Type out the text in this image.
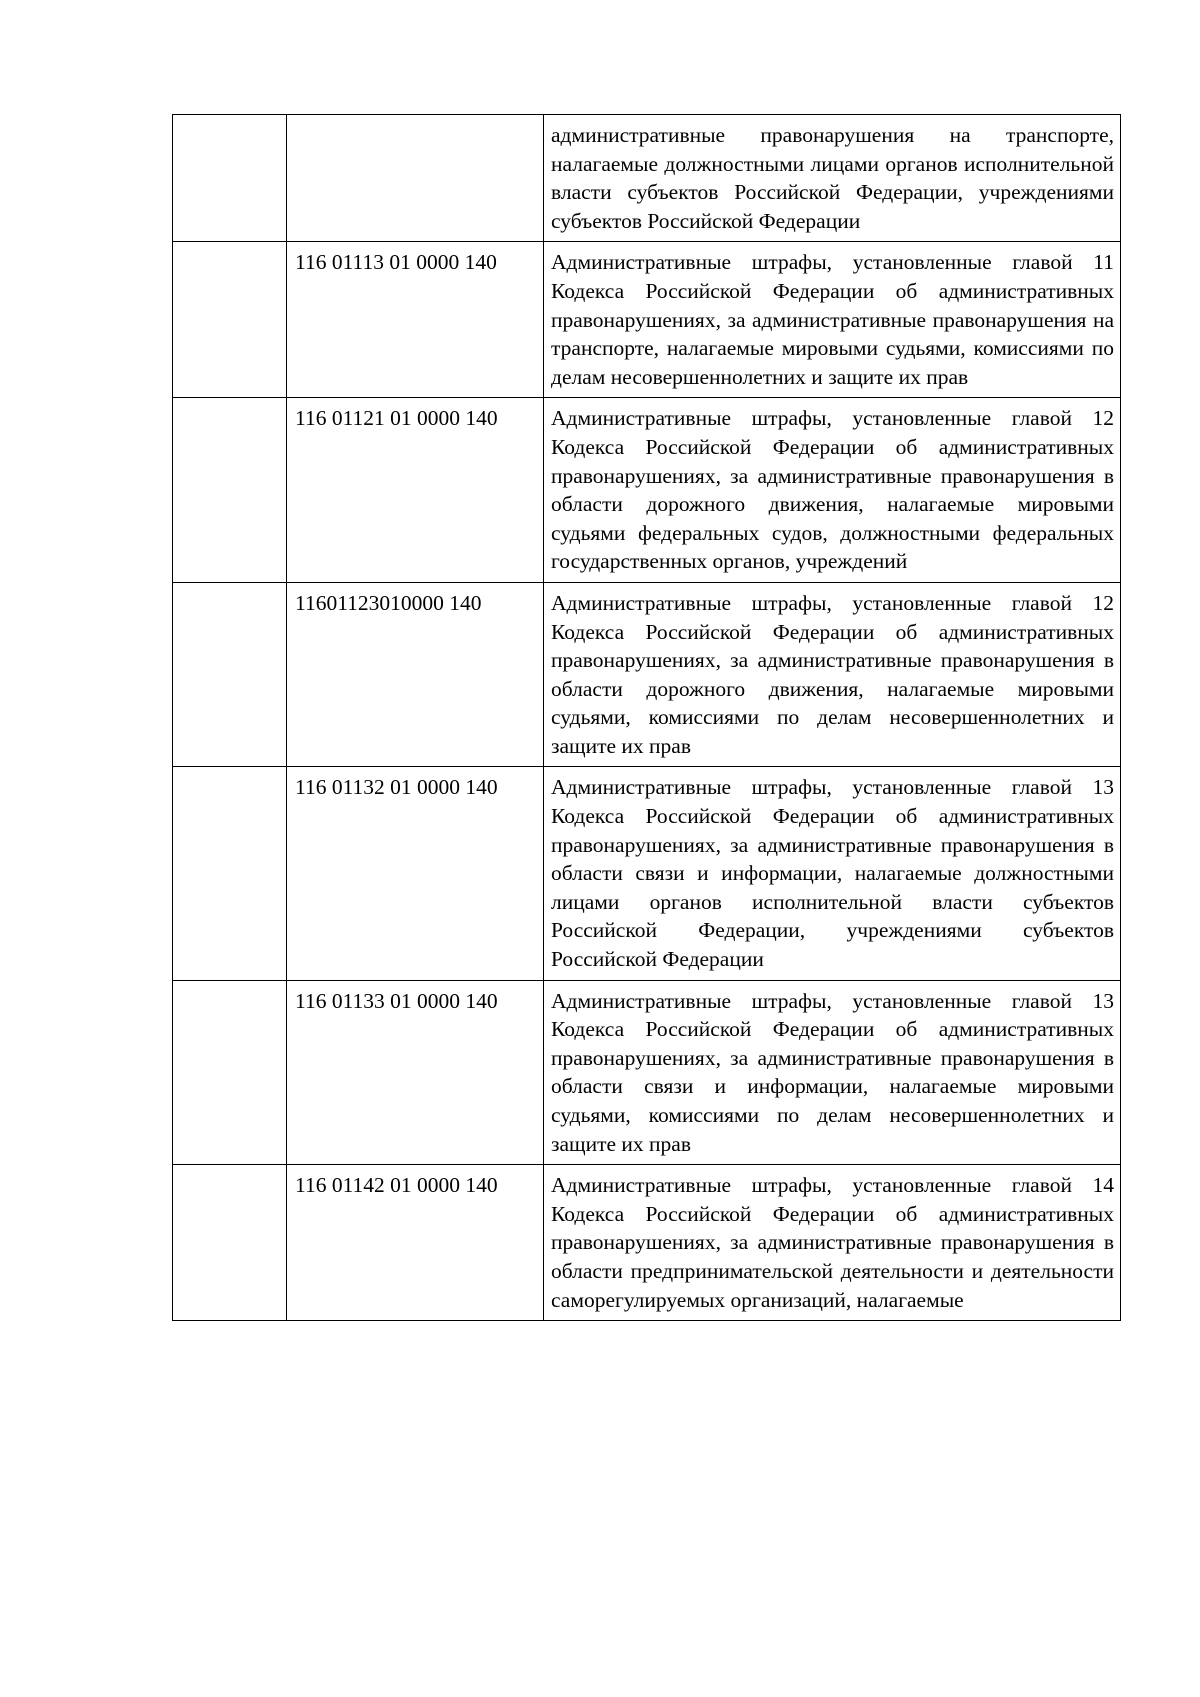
		административные правонарушения на транспорте, налагаемые должностными лицами органов исполнительной власти субъектов Российской Федерации, учреждениями субъектов Российской Федерации
	116 01113 01 0000 140	Административные штрафы, установленные главой 11 Кодекса Российской Федерации об административных правонарушениях, за административные правонарушения на транспорте, налагаемые мировыми судьями, комиссиями по делам несовершеннолетних и защите их прав
	116 01121 01 0000 140	Административные штрафы, установленные главой 12 Кодекса Российской Федерации об административных правонарушениях, за административные правонарушения в области дорожного движения, налагаемые мировыми судьями федеральных судов, должностными федеральных государственных органов, учреждений
	11601123010000 140	Административные штрафы, установленные главой 12 Кодекса Российской Федерации об административных правонарушениях, за административные правонарушения в области дорожного движения, налагаемые мировыми судьями, комиссиями по делам несовершеннолетних и защите их прав
	116 01132 01 0000 140	Административные штрафы, установленные главой 13 Кодекса Российской Федерации об административных правонарушениях, за административные правонарушения в области связи и информации, налагаемые должностными лицами органов исполнительной власти субъектов Российской Федерации, учреждениями субъектов Российской Федерации
	116 01133 01 0000 140	Административные штрафы, установленные главой 13 Кодекса Российской Федерации об административных правонарушениях, за административные правонарушения в области связи и информации, налагаемые мировыми судьями, комиссиями по делам несовершеннолетних и защите их прав
	116 01142 01 0000 140	Административные штрафы, установленные главой 14 Кодекса Российской Федерации об административных правонарушениях, за административные правонарушения в области предпринимательской деятельности и деятельности саморегулируемых организаций, налагаемые
